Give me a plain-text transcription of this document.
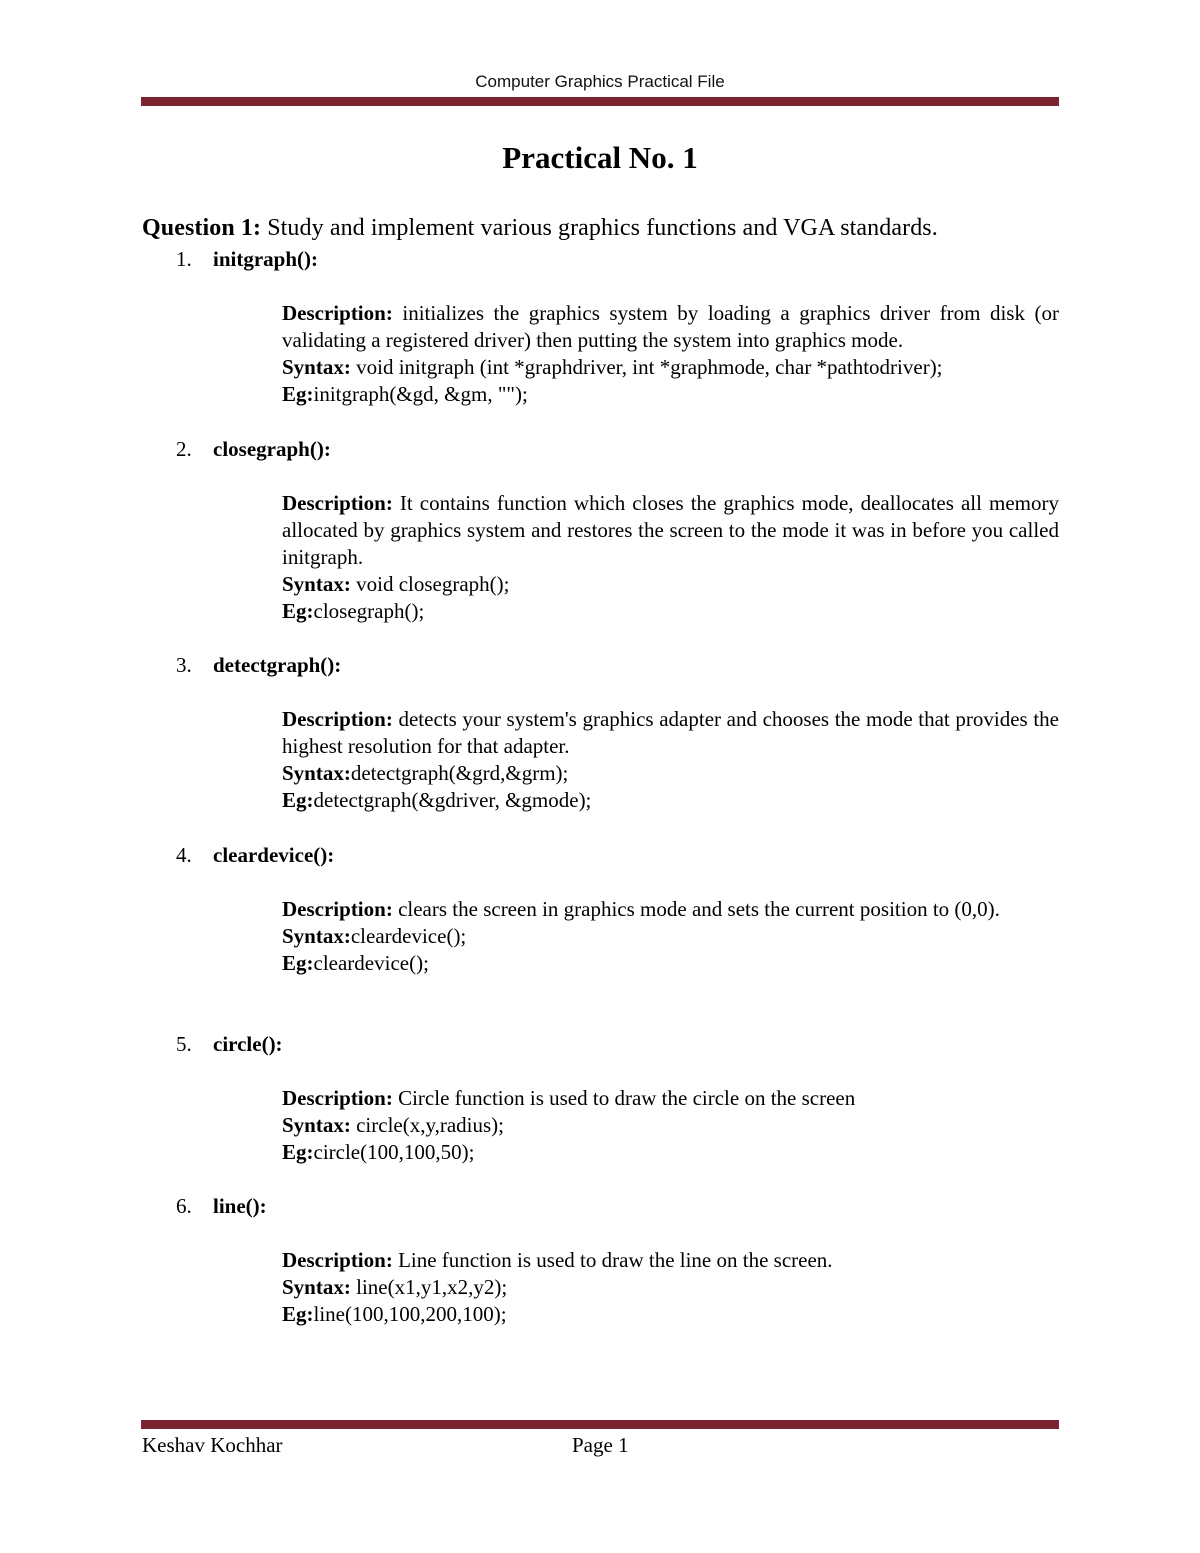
Computer Graphics Practical File
Practical No. 1
Question 1: Study and implement various graphics functions and VGA standards.
1. initgraph():

Description: initializes the graphics system by loading a graphics driver from disk (or validating a registered driver) then putting the system into graphics mode.

Syntax: void initgraph (int *graphdriver, int *graphmode, char *pathtodriver);

Eg:initgraph(&gd, &gm, "");

2. closegraph():

Description: It contains function which closes the graphics mode, deallocates all memory allocated by graphics system and restores the screen to the mode it was in before you called initgraph.

Syntax: void closegraph();

Eg:closegraph();

3. detectgraph():

Description: detects your system's graphics adapter and chooses the mode that provides the highest resolution for that adapter.

Syntax:detectgraph(&grd,&grm);

Eg:detectgraph(&gdriver, &gmode);

4. cleardevice():

Description: clears the screen in graphics mode and sets the current position to (0,0).

Syntax:cleardevice();

Eg:cleardevice();

5. circle():

Description: Circle function is used to draw the circle on the screen

Syntax: circle(x,y,radius);

Eg:circle(100,100,50);

6. line():

Description: Line function is used to draw the line on the screen.

Syntax: line(x1,y1,x2,y2);

Eg:line(100,100,200,100);

Keshav Kochhar	Page 1
